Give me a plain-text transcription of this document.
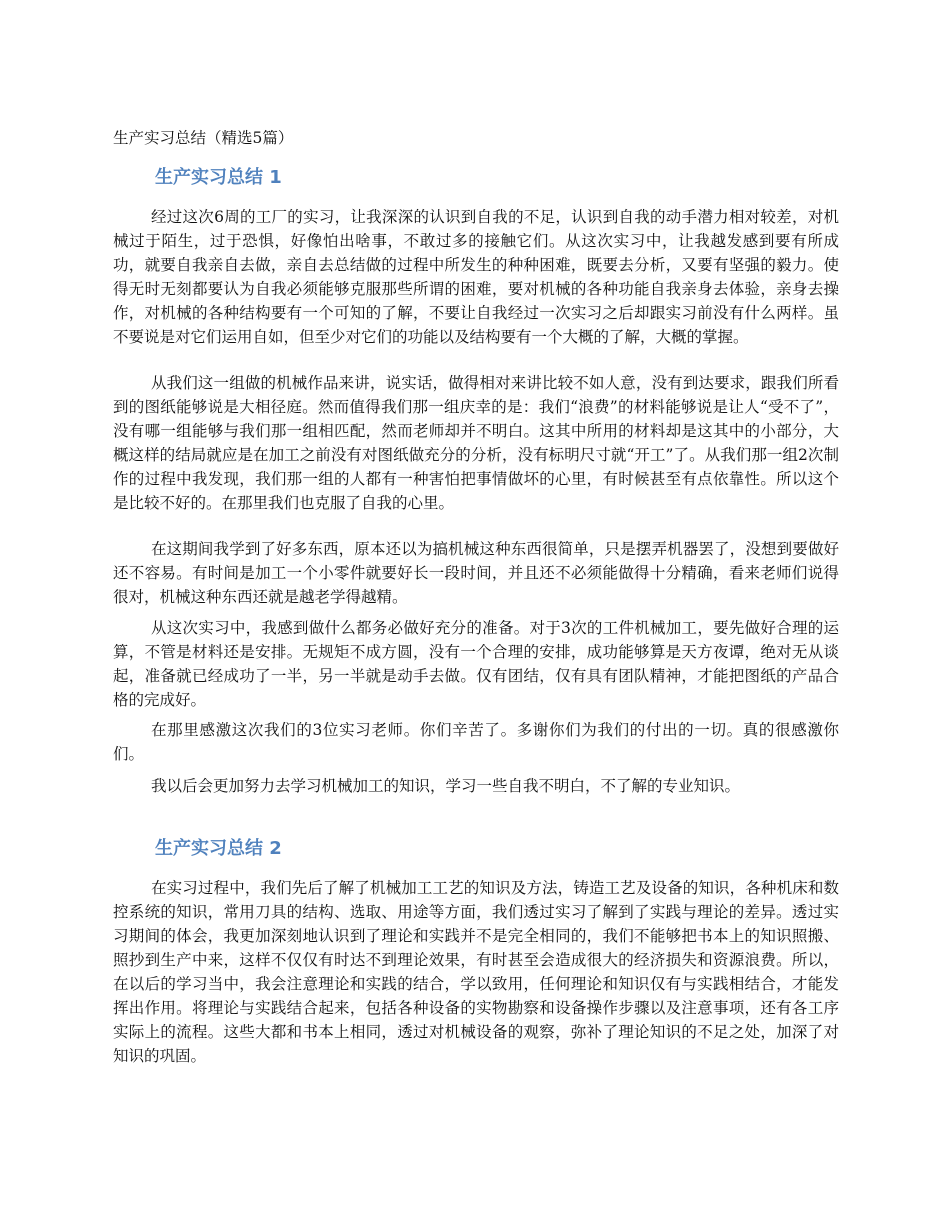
生产实习总结（精选5篇）
生产实习总结 1

经过这次6周的工厂的实习，让我深深的认识到自我的不足，认识到自我的动手潜力相对较差，对机械过于陌生，过于恐惧，好像怕出啥事，不敢过多的接触它们。从这次实习中，让我越发感到要有所成功，就要自我亲自去做，亲自去总结做的过程中所发生的种种困难，既要去分析，又要有坚强的毅力。使得无时无刻都要认为自我必须能够克服那些所谓的困难，要对机械的各种功能自我亲身去体验，亲身去操作，对机械的各种结构要有一个可知的了解，不要让自我经过一次实习之后却跟实习前没有什么两样。虽不要说是对它们运用自如，但至少对它们的功能以及结构要有一个大概的了解，大概的掌握。

从我们这一组做的机械作品来讲，说实话，做得相对来讲比较不如人意，没有到达要求，跟我们所看到的图纸能够说是大相径庭。然而值得我们那一组庆幸的是：我们“浪费”的材料能够说是让人“受不了”，没有哪一组能够与我们那一组相匹配，然而老师却并不明白。这其中所用的材料却是这其中的小部分，大概这样的结局就应是在加工之前没有对图纸做充分的分析，没有标明尺寸就“开工”了。从我们那一组2次制作的过程中我发现，我们那一组的人都有一种害怕把事情做坏的心里，有时候甚至有点依靠性。所以这个是比较不好的。在那里我们也克服了自我的心里。

在这期间我学到了好多东西，原本还以为搞机械这种东西很简单，只是摆弄机器罢了，没想到要做好还不容易。有时间是加工一个小零件就要好长一段时间，并且还不必须能做得十分精确，看来老师们说得很对，机械这种东西还就是越老学得越精。

从这次实习中，我感到做什么都务必做好充分的准备。对于3次的工件机械加工，要先做好合理的运算，不管是材料还是安排。无规矩不成方圆，没有一个合理的安排，成功能够算是天方夜谭，绝对无从谈起，准备就已经成功了一半，另一半就是动手去做。仅有团结，仅有具有团队精神，才能把图纸的产品合格的完成好。

在那里感激这次我们的3位实习老师。你们辛苦了。多谢你们为我们的付出的一切。真的很感激你们。

我以后会更加努力去学习机械加工的知识，学习一些自我不明白，不了解的专业知识。

生产实习总结 2

在实习过程中，我们先后了解了机械加工工艺的知识及方法，铸造工艺及设备的知识，各种机床和数控系统的知识，常用刀具的结构、选取、用途等方面，我们透过实习了解到了实践与理论的差异。透过实习期间的体会，我更加深刻地认识到了理论和实践并不是完全相同的，我们不能够把书本上的知识照搬、照抄到生产中来，这样不仅仅有时达不到理论效果，有时甚至会造成很大的经济损失和资源浪费。所以，在以后的学习当中，我会注意理论和实践的结合，学以致用，任何理论和知识仅有与实践相结合，才能发挥出作用。将理论与实践结合起来，包括各种设备的实物勘察和设备操作步骤以及注意事项，还有各工序实际上的流程。这些大都和书本上相同，透过对机械设备的观察，弥补了理论知识的不足之处，加深了对知识的巩固。
